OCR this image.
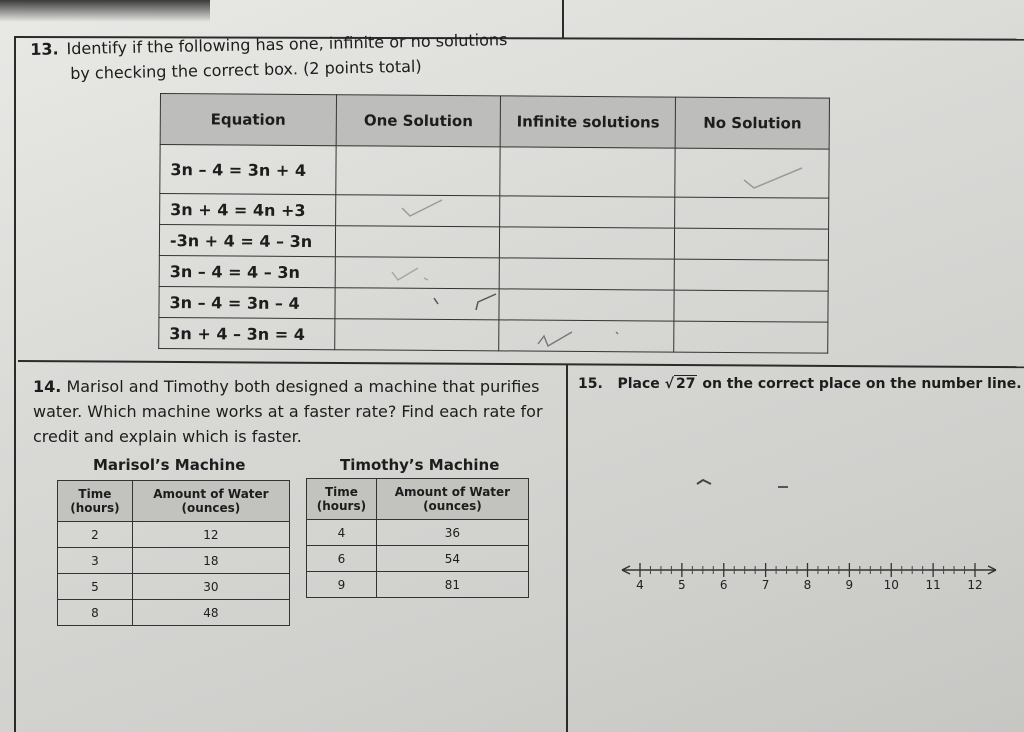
13. Identify if the following has one, infinite or no solutions
by checking the correct box. (2 points total)
Equation	One Solution	Infinite solutions	No Solution
3n – 4 = 3n + 4			
3n + 4 = 4n +3			
-3n + 4 = 4 – 3n			
3n – 4 = 4 – 3n			
3n – 4 = 3n – 4			
3n + 4 – 3n = 4			
14. Marisol and Timothy both designed a machine that purifies water. Which machine works at a faster rate? Find each rate for credit and explain which is faster.
Marisol’s Machine
Time (hours)	Amount of Water (ounces)
2	12
3	18
5	30
8	48
Timothy’s Machine
Time (hours)	Amount of Water (ounces)
4	36
6	54
9	81
15. Place √ 27 on the correct place on the number line.
4	5	6	7	8	9	10 11 12
